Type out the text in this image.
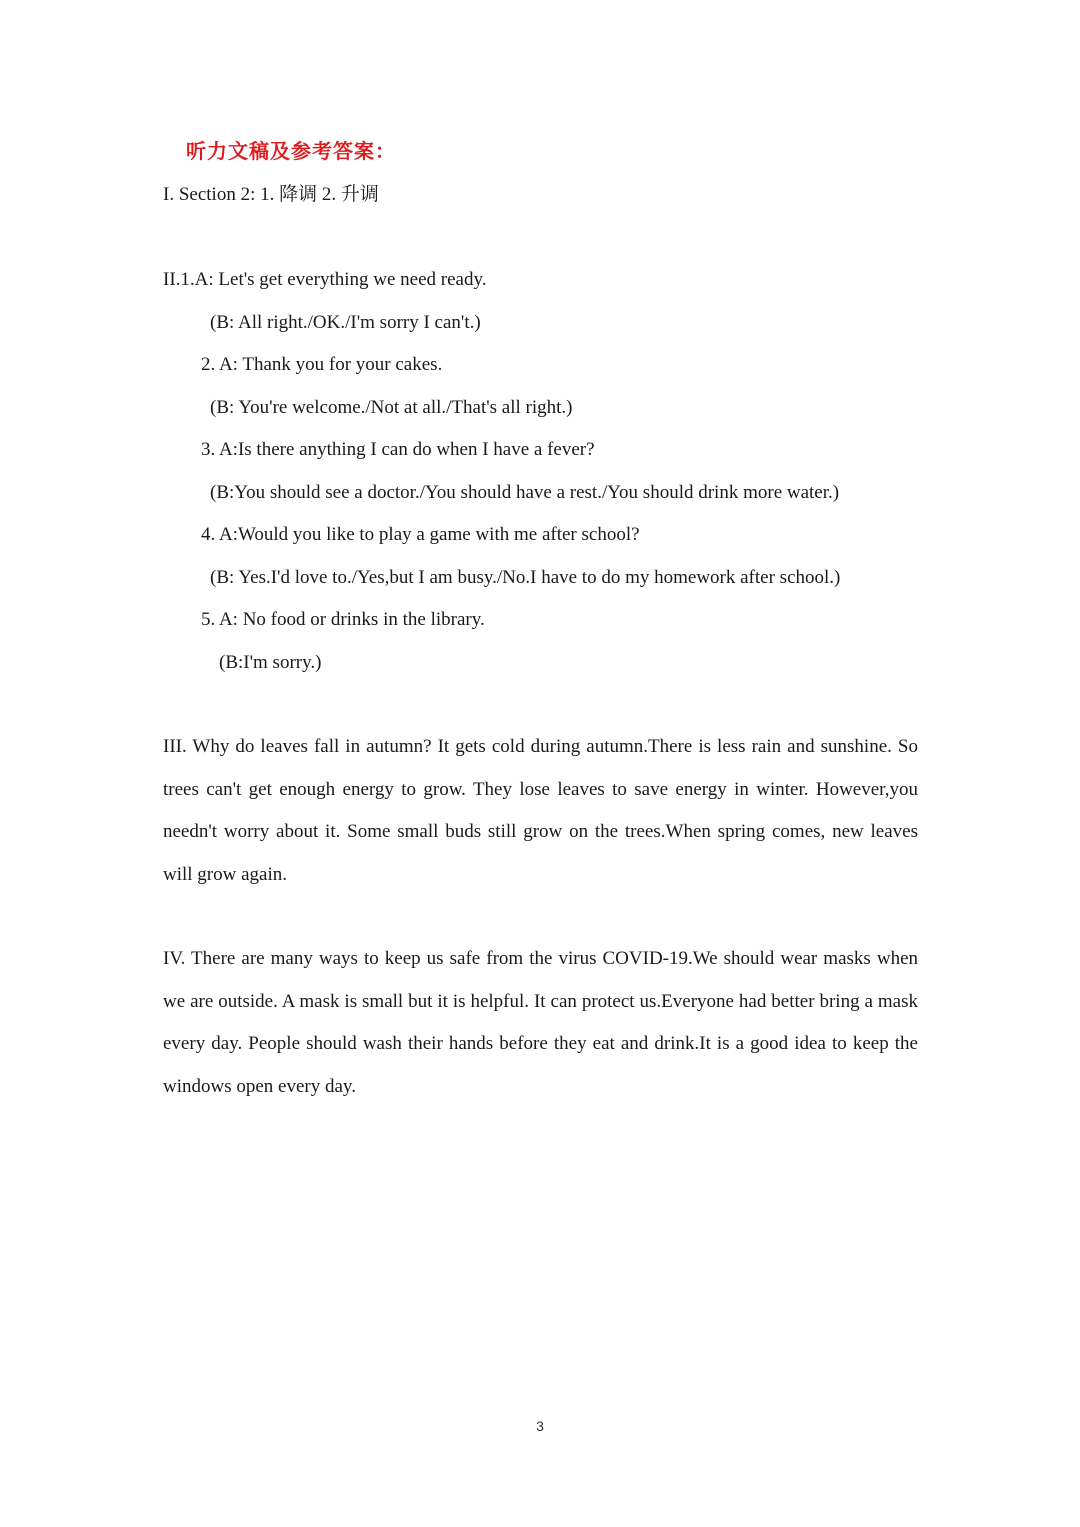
听力文稿及参考答案：
I. Section 2: 1. 降调 2. 升调
II.1.A: Let's get everything we need ready.
(B: All right./OK./I'm sorry I can't.)
2. A: Thank you for your cakes.
(B: You're welcome./Not at all./That's all right.)
3. A:Is there anything I can do when I have a fever?
(B:You should see a doctor./You should have a rest./You should drink more water.)
4. A:Would you like to play a game with me after school?
(B: Yes.I'd love to./Yes,but I am busy./No.I have to do my homework after school.)
5. A: No food or drinks in the library.
(B:I'm sorry.)
III. Why do leaves fall in autumn? It gets cold during autumn.There is less rain and sunshine. So
trees can't get enough energy to grow. They lose leaves to save energy in winter. However,you
needn't worry about it. Some small buds still grow on the trees.When spring comes, new leaves
will grow again.
IV. There are many ways to keep us safe from the virus COVID-19.We should wear masks when
we are outside. A mask is small but it is helpful. It can protect us.Everyone had better bring a mask
every day. People should wash their hands before they eat and drink.It is a good idea to keep the
windows open every day.
3
